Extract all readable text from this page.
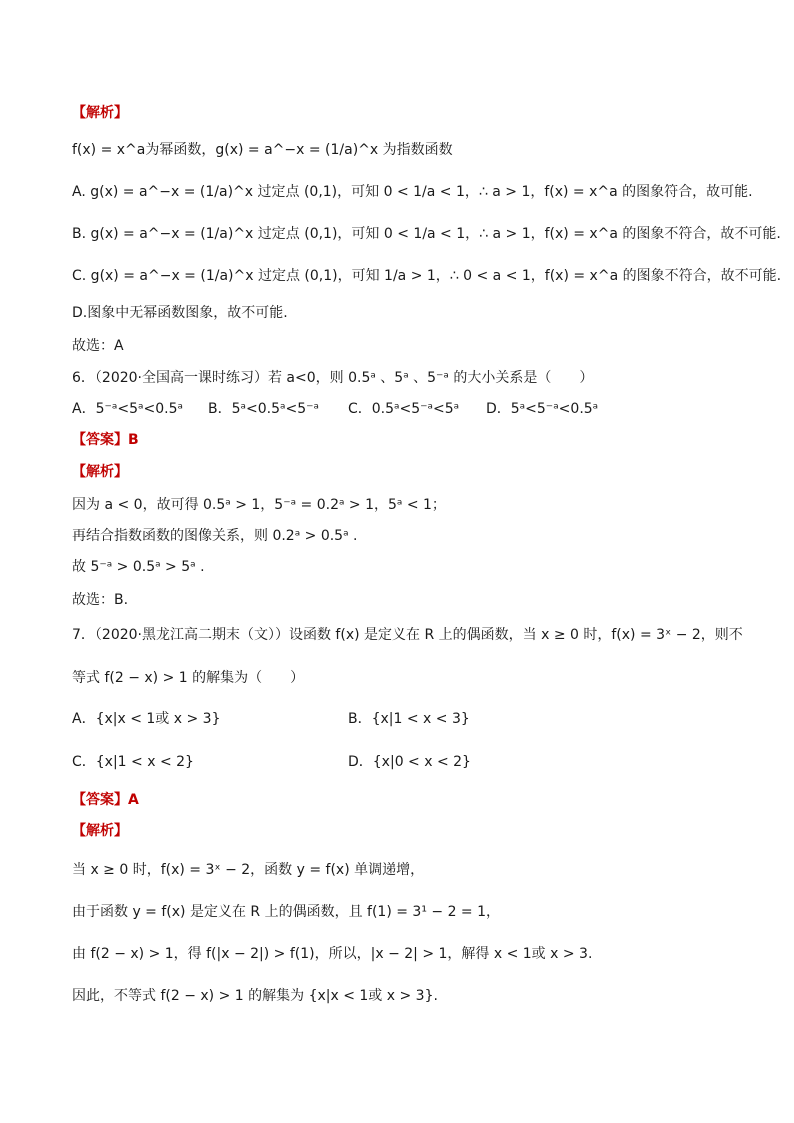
【解析】
f(x) = x^a为幂函数，g(x) = a^−x = (1/a)^x 为指数函数
A. g(x) = a^−x = (1/a)^x 过定点 (0,1)，可知 0 < 1/a < 1，∴ a > 1，f(x) = x^a 的图象符合，故可能.
B. g(x) = a^−x = (1/a)^x 过定点 (0,1)，可知 0 < 1/a < 1，∴ a > 1，f(x) = x^a 的图象不符合，故不可能.
C. g(x) = a^−x = (1/a)^x 过定点 (0,1)，可知 1/a > 1，∴ 0 < a < 1，f(x) = x^a 的图象不符合，故不可能.
D.图象中无幂函数图象，故不可能.
故选：A
6．（2020·全国高一课时练习）若 a<0，则 0.5ᵃ 、5ᵃ 、5⁻ᵃ 的大小关系是（　　）
A．5⁻ᵃ<5ᵃ<0.5ᵃ B．5ᵃ<0.5ᵃ<5⁻ᵃ C．0.5ᵃ<5⁻ᵃ<5ᵃ D．5ᵃ<5⁻ᵃ<0.5ᵃ
【答案】B
【解析】
因为 a < 0，故可得 0.5ᵃ > 1，5⁻ᵃ = 0.2ᵃ > 1，5ᵃ < 1；
再结合指数函数的图像关系，则 0.2ᵃ > 0.5ᵃ .
故 5⁻ᵃ > 0.5ᵃ > 5ᵃ .
故选：B.
7．（2020·黑龙江高二期末（文））设函数 f(x) 是定义在 R 上的偶函数，当 x ≥ 0 时，f(x) = 3ˣ − 2，则不
等式 f(2 − x) > 1 的解集为（　　）
A．{x|x < 1或 x > 3}	B．{x|1 < x < 3}
C．{x|1 < x < 2}	D．{x|0 < x < 2}
【答案】A
【解析】
当 x ≥ 0 时，f(x) = 3ˣ − 2，函数 y = f(x) 单调递增，
由于函数 y = f(x) 是定义在 R 上的偶函数，且 f(1) = 3¹ − 2 = 1，
由 f(2 − x) > 1，得 f(|x − 2|) > f(1)，所以，|x − 2| > 1，解得 x < 1或 x > 3.
因此，不等式 f(2 − x) > 1 的解集为 {x|x < 1或 x > 3}.
